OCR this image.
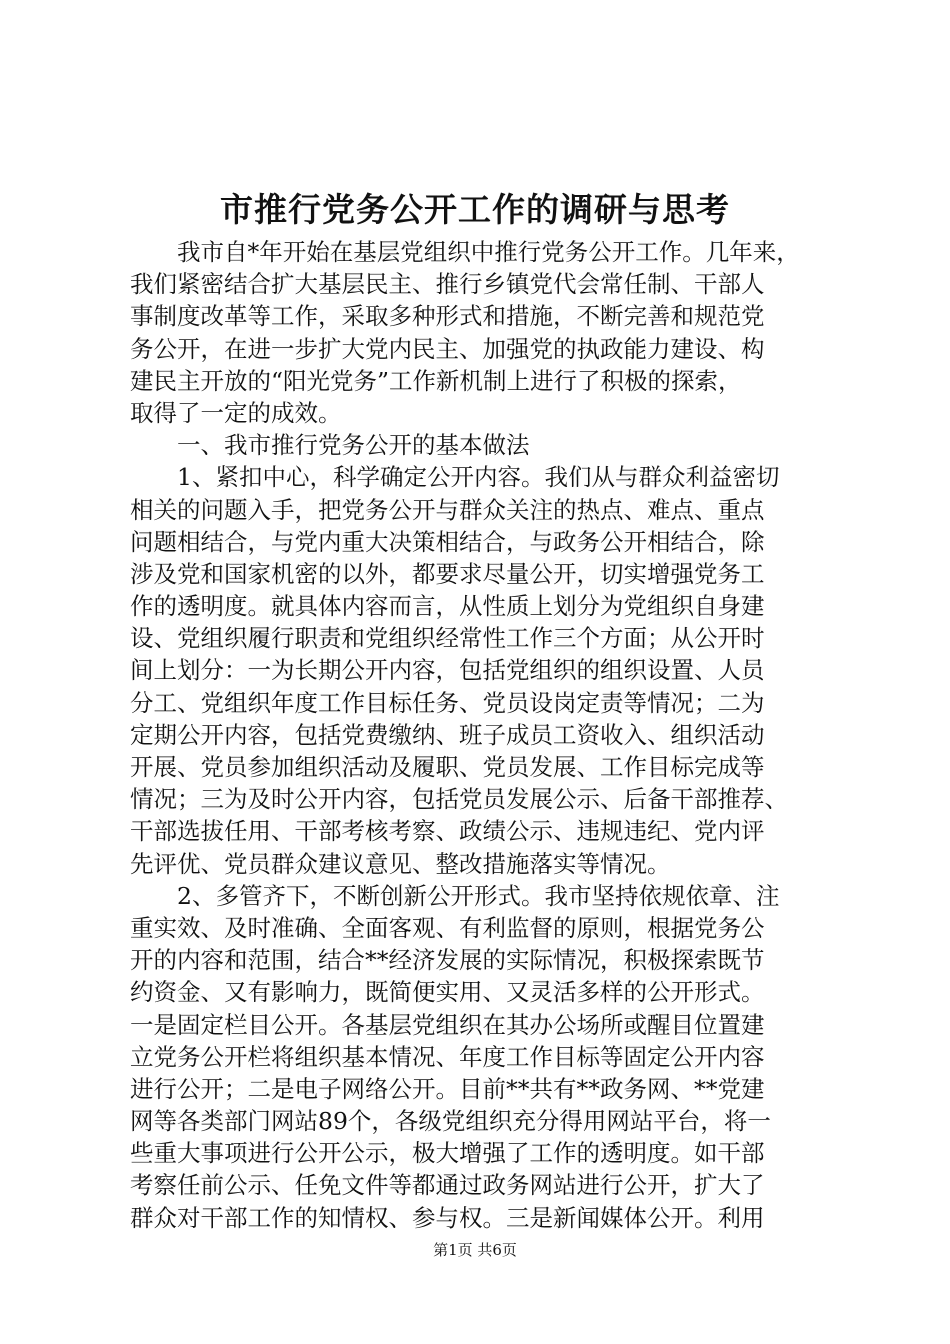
市推行党务公开工作的调研与思考
　　我市自*年开始在基层党组织中推行党务公开工作。几年来，
我们紧密结合扩大基层民主、推行乡镇党代会常任制、干部人
事制度改革等工作，采取多种形式和措施，不断完善和规范党
务公开，在进一步扩大党内民主、加强党的执政能力建设、构
建民主开放的“阳光党务”工作新机制上进行了积极的探索，
取得了一定的成效。
　　一、我市推行党务公开的基本做法
　　1、紧扣中心，科学确定公开内容。我们从与群众利益密切
相关的问题入手，把党务公开与群众关注的热点、难点、重点
问题相结合，与党内重大决策相结合，与政务公开相结合，除
涉及党和国家机密的以外，都要求尽量公开，切实增强党务工
作的透明度。就具体内容而言，从性质上划分为党组织自身建
设、党组织履行职责和党组织经常性工作三个方面；从公开时
间上划分：一为长期公开内容，包括党组织的组织设置、人员
分工、党组织年度工作目标任务、党员设岗定责等情况；二为
定期公开内容，包括党费缴纳、班子成员工资收入、组织活动
开展、党员参加组织活动及履职、党员发展、工作目标完成等
情况；三为及时公开内容，包括党员发展公示、后备干部推荐、
干部选拔任用、干部考核考察、政绩公示、违规违纪、党内评
先评优、党员群众建议意见、整改措施落实等情况。
　　2、多管齐下，不断创新公开形式。我市坚持依规依章、注
重实效、及时准确、全面客观、有利监督的原则，根据党务公
开的内容和范围，结合**经济发展的实际情况，积极探索既节
约资金、又有影响力，既简便实用、又灵活多样的公开形式。
一是固定栏目公开。各基层党组织在其办公场所或醒目位置建
立党务公开栏将组织基本情况、年度工作目标等固定公开内容
进行公开；二是电子网络公开。目前**共有**政务网、**党建
网等各类部门网站89个，各级党组织充分得用网站平台，将一
些重大事项进行公开公示，极大增强了工作的透明度。如干部
考察任前公示、任免文件等都通过政务网站进行公开，扩大了
群众对干部工作的知情权、参与权。三是新闻媒体公开。利用
第1页 共6页
